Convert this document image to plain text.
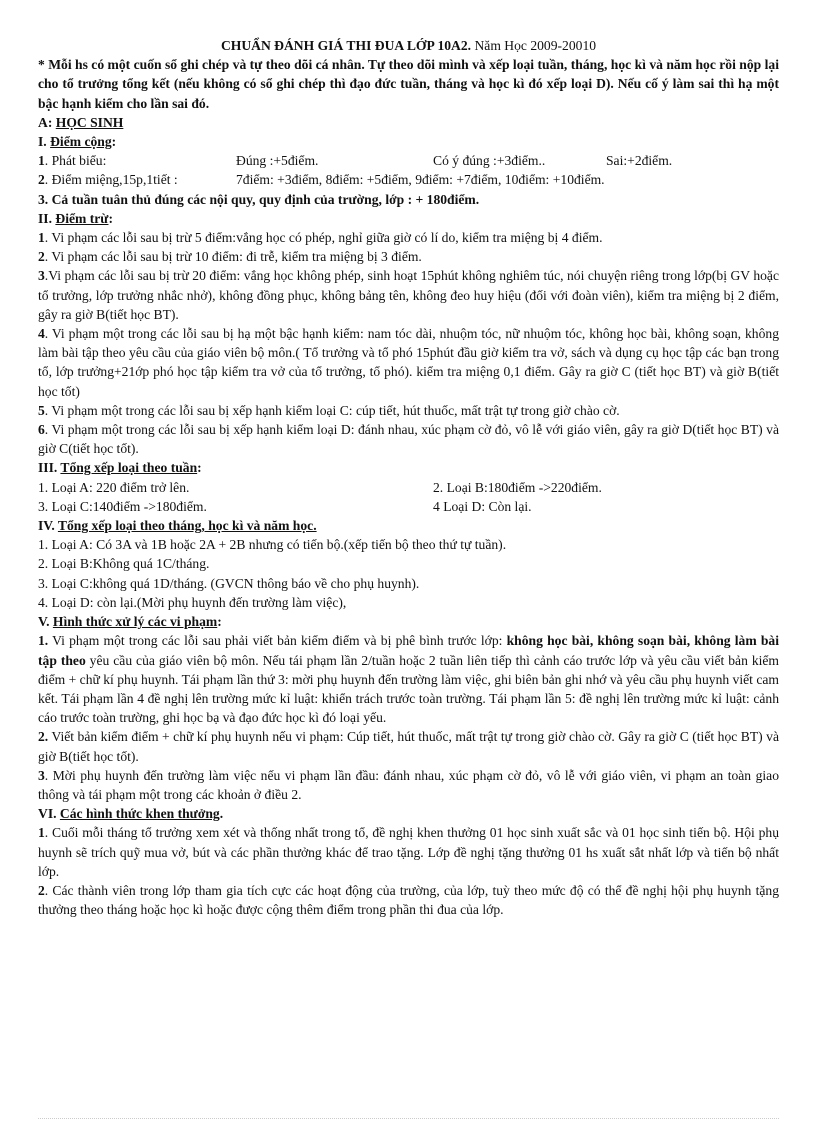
CHUẨN ĐÁNH GIÁ THI ĐUA LỚP 10A2. Năm Học 2009-20010
* Mỗi hs có một cuốn sổ ghi chép và tự theo dõi cá nhân. Tự theo dõi mình và xếp loại tuần, tháng, học kì và năm học rồi nộp lại cho tổ trưởng tổng kết (nếu không có sổ ghi chép thì đạo đức tuần, tháng và học kì đó xếp loại D). Nếu cố ý làm sai thì hạ một bậc hạnh kiểm cho lần sai đó.
A: HỌC SINH
I. Điểm cộng:
1. Phát biểu:	Đúng :+5điểm.	Có ý đúng :+3điểm..	Sai:+2điểm.
2. Điểm miệng,15p,1tiết :	7điểm: +3điểm, 8điểm: +5điểm, 9điểm: +7điểm, 10điểm: +10điểm.
3. Cả tuần tuân thủ đúng các nội quy, quy định của trường, lớp : + 180điểm.
II. Điểm trừ:
1. Vi phạm các lỗi sau bị trừ 5 điểm:vắng học có phép, nghỉ giữa giờ có lí do, kiểm tra miệng bị 4 điểm.
2. Vi phạm các lỗi sau bị trừ 10 điểm: đi trễ, kiểm tra miệng bị 3 điểm.
3.Vi phạm các lỗi sau bị trừ 20 điểm: vắng học không phép, sinh hoạt 15phút không nghiêm túc, nói chuyện riêng trong lớp(bị GV hoặc tổ trưởng, lớp trưởng nhắc nhở), không đồng phục, không bảng tên, không đeo huy hiệu (đối với đoàn viên), kiểm tra miệng bị 2 điểm, gây ra giờ B(tiết học BT).
4. Vi phạm một trong các lỗi sau bị hạ một bậc hạnh kiểm: nam tóc dài, nhuộm tóc, nữ nhuộm tóc, không học bài, không soạn, không làm bài tập theo yêu cầu của giáo viên bộ môn.( Tổ trưởng và tổ phó 15phút đầu giờ kiểm tra vở, sách và dụng cụ học tập các bạn trong tổ, lớp trưởng+21ớp phó học tập kiểm tra vở của tổ trưởng, tổ phó). kiểm tra miệng 0,1 điểm. Gây ra giờ C (tiết học BT) và giờ B(tiết học tốt)
5. Vi phạm một trong các lỗi sau bị xếp hạnh kiểm loại C: cúp tiết, hút thuốc, mất trật tự trong giờ chào cờ.
6. Vi phạm một trong các lỗi sau bị xếp hạnh kiểm loại D: đánh nhau, xúc phạm cờ đỏ, vô lễ với giáo viên, gây ra giờ D(tiết học BT) và giờ C(tiết học tốt).
III. Tổng xếp loại theo tuần:
1. Loại A: 220 điểm trở lên.	2. Loại B:180điểm ->220điểm.
3. Loại C:140điểm ->180điểm.	4 Loại D: Còn lại.
IV. Tổng xếp loại theo tháng, học kì và năm học.
1. Loại A: Có 3A và 1B hoặc 2A + 2B nhưng có tiến bộ.(xếp tiến bộ theo thứ tự tuần).
2. Loại B:Không quá 1C/tháng.
3. Loại C:không quá 1D/tháng. (GVCN thông báo về cho phụ huynh).
4. Loại D: còn lại.(Mời phụ huynh đến trường làm việc),
V. Hình thức xử lý các vi phạm:
1. Vi phạm một trong các lỗi sau phải viết bản kiểm điểm và bị phê bình trước lớp: không học bài, không soạn bài, không làm bài tập theo yêu cầu của giáo viên bộ môn. Nếu tái phạm lần 2/tuần hoặc 2 tuần liên tiếp thì cảnh cáo trước lớp và yêu cầu viết bản kiểm điểm + chữ kí phụ huynh. Tái phạm lần thứ 3: mời phụ huynh đến trường làm việc, ghi biên bản ghi nhớ và yêu cầu phụ huynh viết cam kết. Tái phạm lần 4 đề nghị lên trường mức kỉ luật: khiển trách trước toàn trường. Tái phạm lần 5: đề nghị lên trường mức kỉ luật: cảnh cáo trước toàn trường, ghi học bạ và đạo đức học kì đó loại yếu.
2. Viết bản kiểm điểm + chữ kí phụ huynh nếu vi phạm: Cúp tiết, hút thuốc, mất trật tự trong giờ chào cờ. Gây ra giờ C (tiết học BT) và giờ B(tiết học tốt).
3. Mời phụ huynh đến trường làm việc nếu vi phạm lần đầu: đánh nhau, xúc phạm cờ đỏ, vô lễ với giáo viên, vi phạm an toàn giao thông và tái phạm một trong các khoản ở điều 2.
VI. Các hình thức khen thưởng.
1. Cuối mỗi tháng tổ trưởng xem xét và thống nhất trong tổ, đề nghị khen thưởng 01 học sinh xuất sắc và 01 học sinh tiến bộ. Hội phụ huynh sẽ trích quỹ mua vở, bút và các phần thưởng khác để trao tặng. Lớp đề nghị tặng thưởng 01 hs xuất sắt nhất lớp và tiến bộ nhất lớp.
2. Các thành viên trong lớp tham gia tích cực các hoạt động của trường, của lớp, tuỳ theo mức độ có thể đề nghị hội phụ huynh tặng thưởng theo tháng hoặc học kì hoặc được cộng thêm điểm trong phần thi đua của lớp.
